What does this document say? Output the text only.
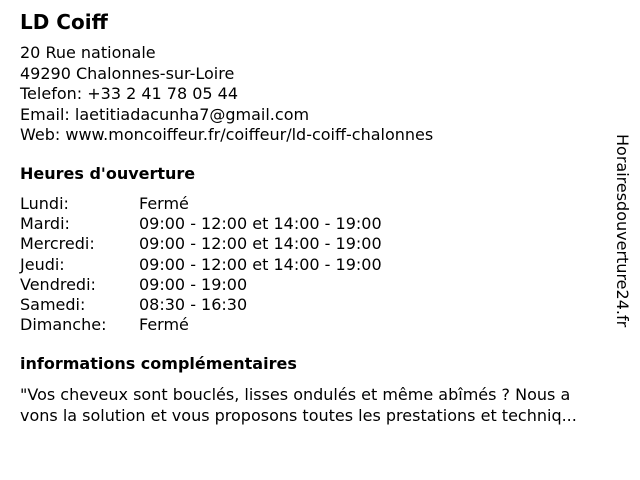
LD Coiff
20 Rue nationale
49290 Chalonnes-sur-Loire
Telefon: +33 2 41 78 05 44
Email: laetitiadacunha7@gmail.com
Web: www.moncoiffeur.fr/coiffeur/ld-coiff-chalonnes
Heures d'ouverture
Lundi:	Fermé
Mardi:	09:00 - 12:00 et 14:00 - 19:00
Mercredi:	09:00 - 12:00 et 14:00 - 19:00
Jeudi:	09:00 - 12:00 et 14:00 - 19:00
Vendredi:	09:00 - 19:00
Samedi:	08:30 - 16:30
Dimanche:	Fermé
informations complémentaires
"Vos cheveux sont bouclés, lisses ondulés et même abîmés ? Nous a
vons la solution et vous proposons toutes les prestations et techniq...
Horairesdouverture24.fr
